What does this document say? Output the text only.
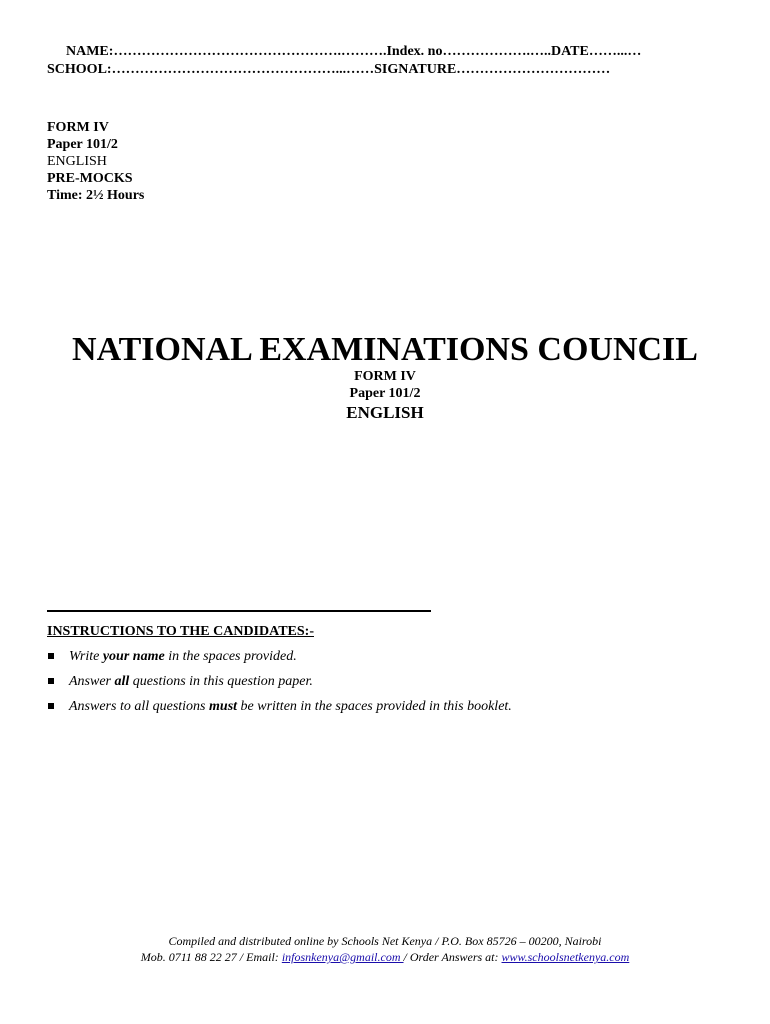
NAME:………………………………………….……….Index. no……………….…..DATE……...…
SCHOOL:…………………………………………...……SIGNATURE……………………………
FORM IV
Paper 101/2
ENGLISH
PRE-MOCKS
Time: 2½ Hours
NATIONAL EXAMINATIONS COUNCIL
FORM IV
Paper 101/2
ENGLISH
INSTRUCTIONS TO THE CANDIDATES:-
Write your name in the spaces provided.
Answer all questions in this question paper.
Answers to all questions must be written in the spaces provided in this booklet.
Compiled and distributed online by Schools Net Kenya / P.O. Box 85726 – 00200, Nairobi
Mob. 0711 88 22 27 / Email: infosnkenya@gmail.com / Order Answers at: www.schoolsnetkenya.com
